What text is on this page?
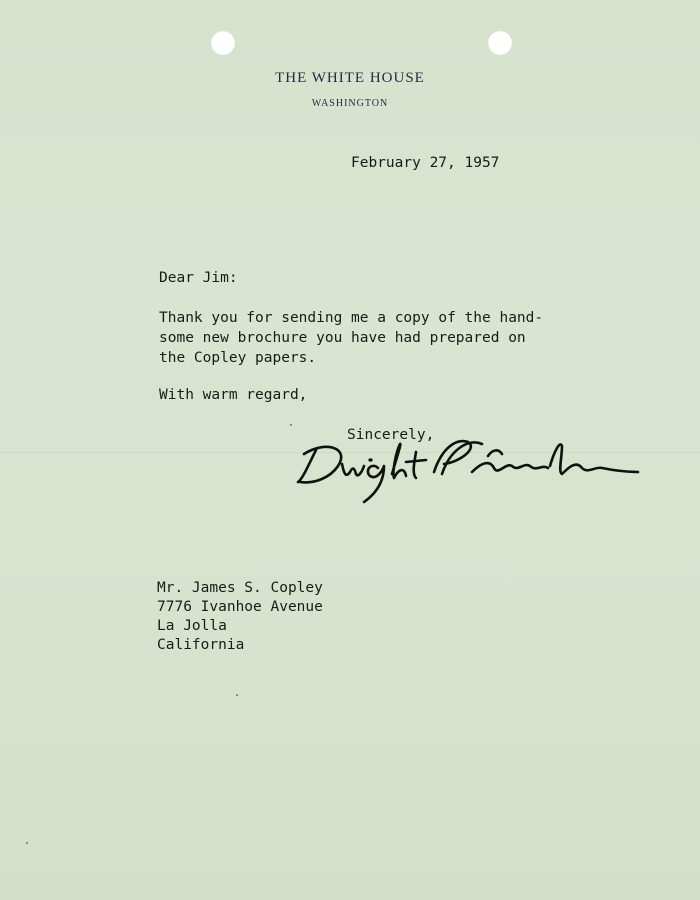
THE WHITE HOUSE
WASHINGTON
February 27, 1957
Dear Jim:
Thank you for sending me a copy of the hand-
some new brochure you have had prepared on
the Copley papers.
With warm regard,
Sincerely,
Mr. James S. Copley
7776 Ivanhoe Avenue
La Jolla
California
